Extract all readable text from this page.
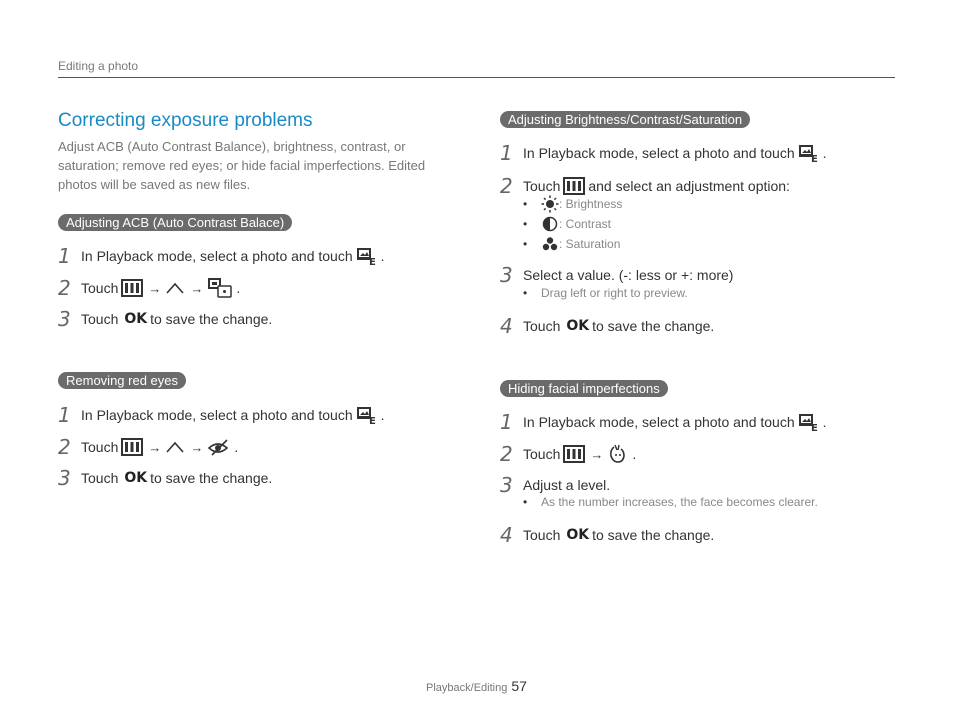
Editing a photo
Correcting exposure problems
Adjust ACB (Auto Contrast Balance), brightness, contrast, or saturation; remove red eyes; or hide facial imperfections. Edited photos will be saved as new files.
Adjusting ACB (Auto Contrast Balace)
1 In Playback mode, select a photo and touch E .
2 Touch → → .
3 Touch OK to save the change.
Removing red eyes
1 In Playback mode, select a photo and touch E .
2 Touch → → .
3 Touch OK to save the change.
Adjusting Brightness/Contrast/Saturation
1 In Playback mode, select a photo and touch E .
2 Touch and select an adjustment option:
•	: Brightness
•	: Contrast
•	: Saturation
3 Select a value. (-: less or +: more)
•	Drag left or right to preview.
4 Touch OK to save the change.
Hiding facial imperfections
1 In Playback mode, select a photo and touch E .
2 Touch → .
3 Adjust a level.
•	As the number increases, the face becomes clearer.
4 Touch OK to save the change.
Playback/Editing 57
